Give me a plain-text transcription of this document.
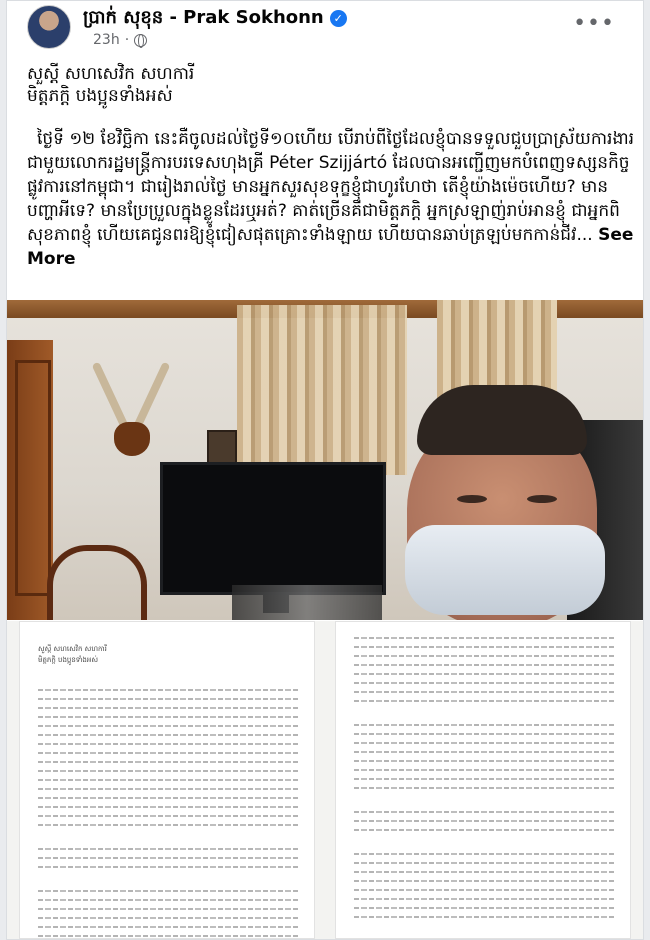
ប្រាក់ សុខុន - Prak Sokhonn ✓
23h ·
•••
សួស្តី សហសេវិក សហការី
មិត្តភក្តិ បងប្អូនទាំងអស់

ថ្ងៃទី ១២ ខែវិច្ឆិកា នេះគឺចូលដល់ថ្ងៃទី១០ហើយ បើរាប់ពីថ្ងៃដែលខ្ញុំបានទទួលជួបប្រាស្រ័យការងារជាមួយលោករដ្ឋមន្ត្រីការបរទេសហុងគ្រី Péter Szijjártó ដែលបានអញ្ជើញមកបំពេញទស្សនកិច្ចផ្លូវការនៅកម្ពុជា។ ជារៀងរាល់ថ្ងៃ មានអ្នកសួរសុខទុក្ខខ្ញុំជាហូរហែថា តើខ្ញុំយ៉ាងម៉េចហើយ? មានបញ្ហាអីទេ? មានប្រែប្រួលក្នុងខ្លួនដែរឬអត់? គាត់ច្រើនគឺជាមិត្តភក្តិ អ្នកស្រឡាញ់រាប់អានខ្ញុំ ជាអ្នកពិសុខភាពខ្ញុំ ហើយគេជូនពរឱ្យខ្ញុំជៀសផុតគ្រោះទាំងឡាយ ហើយបានឆាប់ត្រឡប់មកកាន់ជីវ... See More

សួស្តី សហសេវិក សហការី
មិត្តភក្តិ បងប្អូនទាំងអស់
